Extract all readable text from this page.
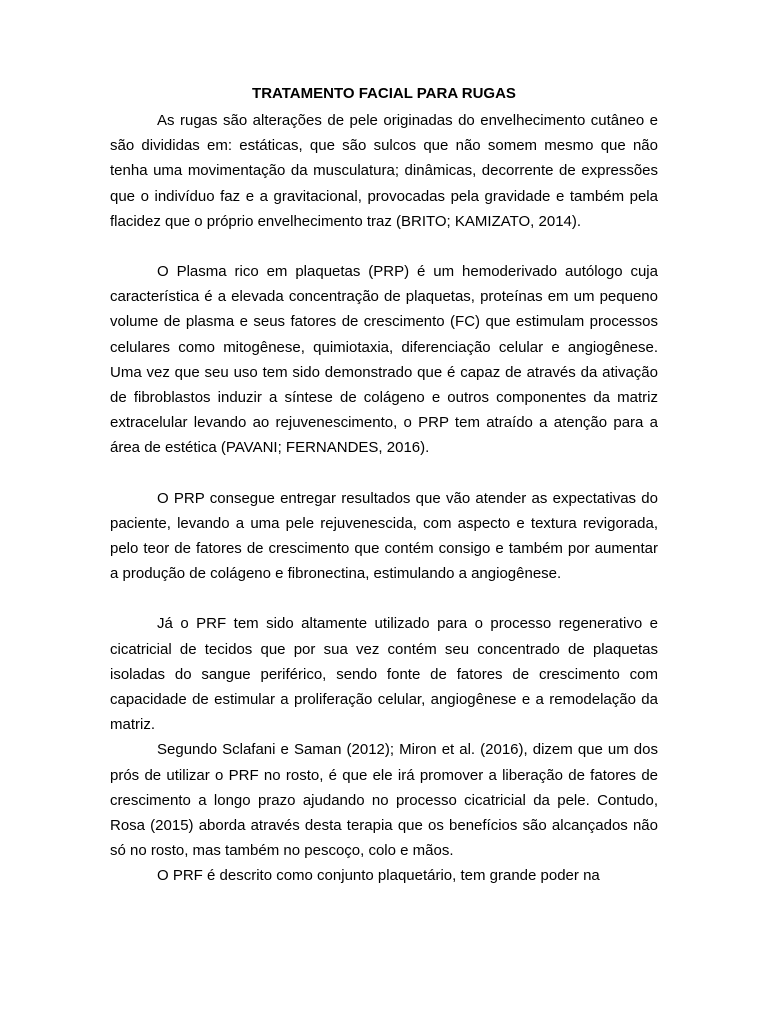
TRATAMENTO FACIAL PARA RUGAS

As rugas são alterações de pele originadas do envelhecimento cutâneo e são divididas em: estáticas, que são sulcos que não somem mesmo que não tenha uma movimentação da musculatura; dinâmicas, decorrente de expressões que o indivíduo faz e a gravitacional, provocadas pela gravidade e também pela flacidez que o próprio envelhecimento traz (BRITO; KAMIZATO, 2014).

O Plasma rico em plaquetas (PRP) é um hemoderivado autólogo cuja característica é a elevada concentração de plaquetas, proteínas em um pequeno volume de plasma e seus fatores de crescimento (FC) que estimulam processos celulares como mitogênese, quimiotaxia, diferenciação celular e angiogênese. Uma vez que seu uso tem sido demonstrado que é capaz de através da ativação de fibroblastos induzir a síntese de colágeno e outros componentes da matriz extracelular levando ao rejuvenescimento, o PRP tem atraído a atenção para a área de estética (PAVANI; FERNANDES, 2016).

O PRP consegue entregar resultados que vão atender as expectativas do paciente, levando a uma pele rejuvenescida, com aspecto e textura revigorada, pelo teor de fatores de crescimento que contém consigo e também por aumentar a produção de colágeno e fibronectina, estimulando a angiogênese.

Já o PRF tem sido altamente utilizado para o processo regenerativo e cicatricial de tecidos que por sua vez contém seu concentrado de plaquetas isoladas do sangue periférico, sendo fonte de fatores de crescimento com capacidade de estimular a proliferação celular, angiogênese e a remodelação da matriz.

Segundo Sclafani e Saman (2012); Miron et al. (2016), dizem que um dos prós de utilizar o PRF no rosto, é que ele irá promover a liberação de fatores de crescimento a longo prazo ajudando no processo cicatricial da pele. Contudo, Rosa (2015) aborda através desta terapia que os benefícios são alcançados não só no rosto, mas também no pescoço, colo e mãos.

O PRF é descrito como conjunto plaquetário, tem grande poder na
